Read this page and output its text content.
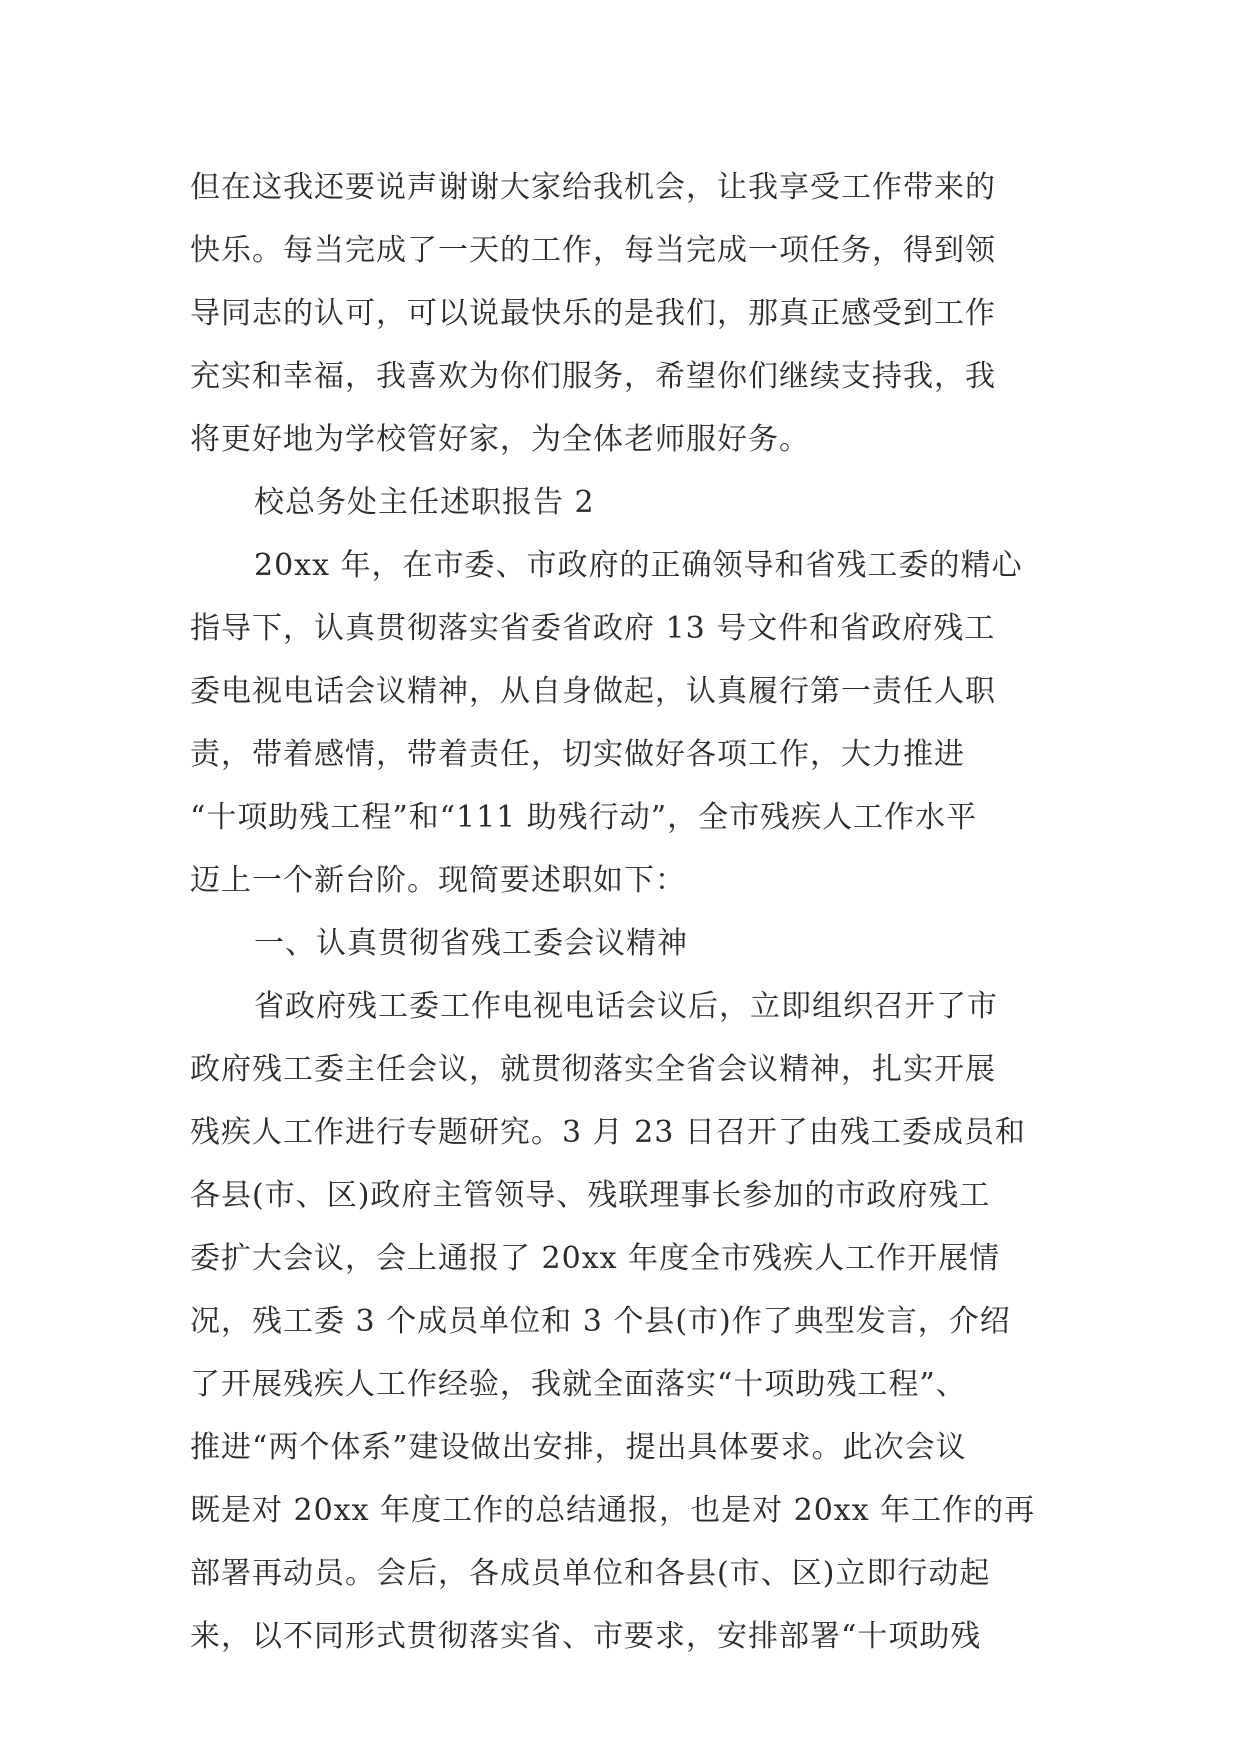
但在这我还要说声谢谢大家给我机会，让我享受工作带来的
快乐。每当完成了一天的工作，每当完成一项任务，得到领
导同志的认可，可以说最快乐的是我们，那真正感受到工作
充实和幸福，我喜欢为你们服务，希望你们继续支持我，我
将更好地为学校管好家，为全体老师服好务。
校总务处主任述职报告 2
20xx 年，在市委、市政府的正确领导和省残工委的精心
指导下，认真贯彻落实省委省政府 13 号文件和省政府残工
委电视电话会议精神，从自身做起，认真履行第一责任人职
责，带着感情，带着责任，切实做好各项工作，大力推进
“十项助残工程”和“111 助残行动”，全市残疾人工作水平
迈上一个新台阶。现简要述职如下：
一、认真贯彻省残工委会议精神
省政府残工委工作电视电话会议后，立即组织召开了市
政府残工委主任会议，就贯彻落实全省会议精神，扎实开展
残疾人工作进行专题研究。3 月 23 日召开了由残工委成员和
各县(市、区)政府主管领导、残联理事长参加的市政府残工
委扩大会议，会上通报了 20xx 年度全市残疾人工作开展情
况，残工委 3 个成员单位和 3 个县(市)作了典型发言，介绍
了开展残疾人工作经验，我就全面落实“十项助残工程”、
推进“两个体系”建设做出安排，提出具体要求。此次会议
既是对 20xx 年度工作的总结通报，也是对 20xx 年工作的再
部署再动员。会后，各成员单位和各县(市、区)立即行动起
来，以不同形式贯彻落实省、市要求，安排部署“十项助残
